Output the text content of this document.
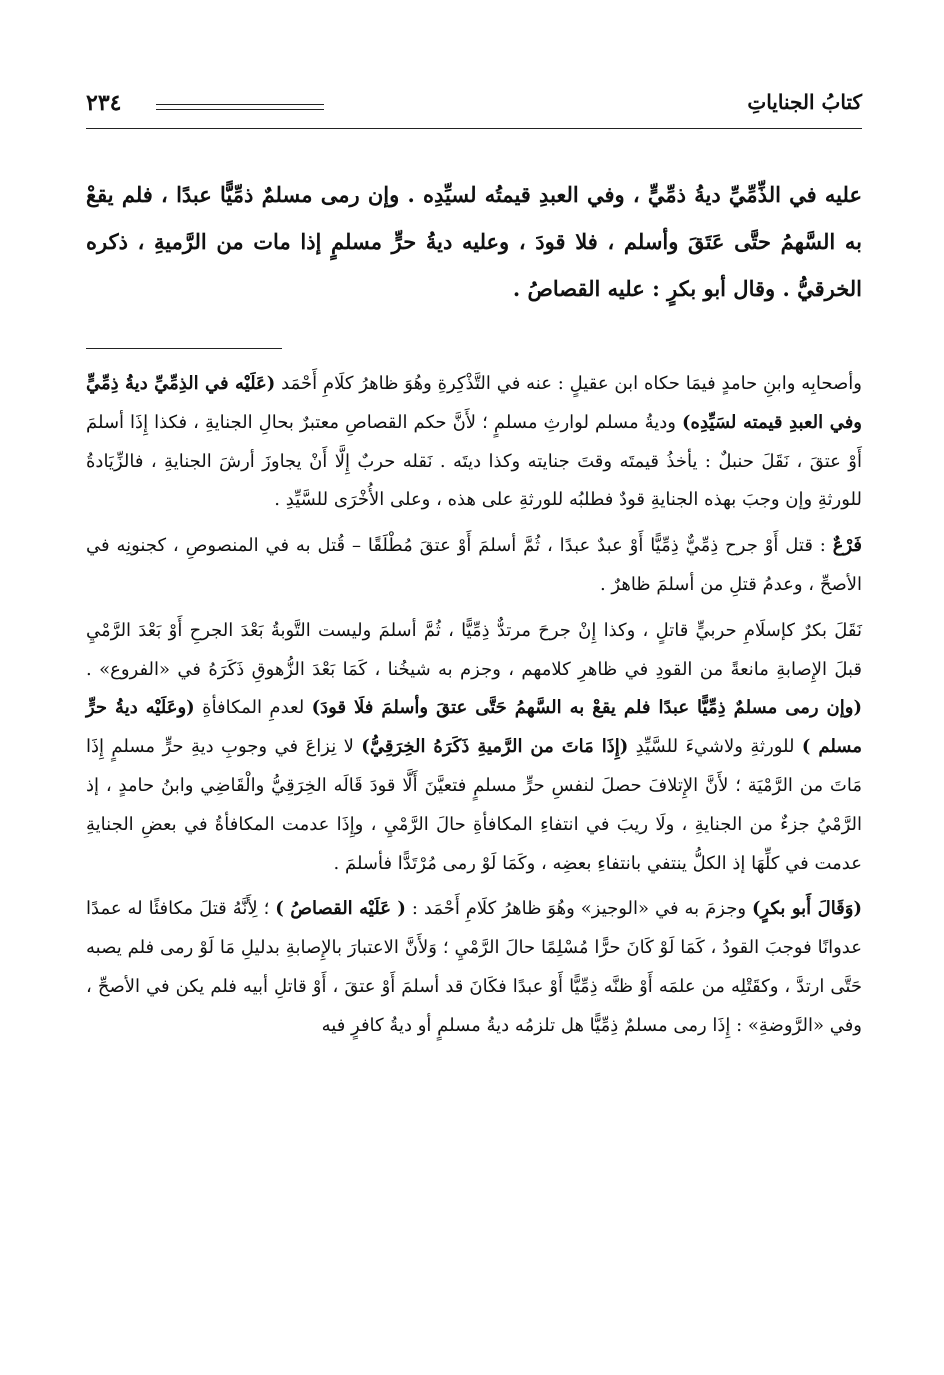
كتابُ الجناياتِ
٢٣٤
عليه في الذِّمِّيِّ ديةُ ذمِّيٍّ ، وفي العبدِ قيمتُه لسيِّدِه . وإن رمى مسلمٌ ذمِّيًّا عبدًا ، فلم يقعْ به السَّهمُ حتَّى عَتَقَ وأسلم ، فلا قودَ ، وعليه ديةُ حرٍّ مسلمٍ إذا مات من الرَّميةِ ، ذكره الخرقيُّ . وقال أبو بكرٍ : عليه القصاصُ .

وأصحابِه وابنِ حامدٍ فيمَا حكاه ابن عقيلٍ : عنه في التَّذْكِرةِ وهُوَ ظاهرُ كلَامِ أَحْمَد (عَلَيْه في الذِمِّيِّ ديةُ ذِمِّيٍّ وفي العبدِ قيمته لسَيِّدِه) وديةُ مسلم لوارثِ مسلمٍ ؛ لأَنَّ حكم القصاصِ معتبرٌ بحالِ الجنايةِ ، فكذا إِذَا أسلمَ أَوْ عتقَ ، نَقَلَ حنبلٌ : يأخذُ قيمتَه وقتَ جنايته وكذا ديتَه . نَقله حربٌ إِلَّا أَنْ يجاوزَ أرشَ الجنايةِ ، فالزِّيَادةُ للورثةِ وإن وجبَ بهذه الجنايةِ قودٌ فطلبُه للورثةِ على هذه ، وعلى الأُخْرَى للسَّيِّدِ .

فَرْعٌ : قتل أَوْ جرح ذِمِّيٌّ ذِمِّيًّا أَوْ عبدٌ عبدًا ، ثُمَّ أسلمَ أَوْ عتقَ مُطْلَقًا – قُتل به في المنصوصِ ، كجنونِه في الأصحِّ ، وعدمُ قتلِ من أسلمَ ظاهرٌ .

نَقَلَ بكرٌ كإسلَامِ حربيٍّ قاتلٍ ، وكذا إِنْ جرحَ مرتدٌّ ذِمِّيًّا ، ثُمَّ أسلمَ وليست التَّوبةُ بَعْدَ الجرحِ أَوْ بَعْدَ الرَّمْيِ قبلَ الإِصابةِ مانعةً من القودِ في ظاهرِ كلامهم ، وجزم به شيخُنا ، كَمَا بَعْدَ الزُّهوقِ ذَكَرَهُ في «الفروع» . (وإن رمى مسلمٌ ذِمِّيًّا عبدًا فلم يقعْ به السَّهمُ حَتَّى عتقَ وأسلمَ فلَا قودَ) لعدمِ المكافأةِ (وعَلَيْه ديةُ حرٍّ مسلم ) للورثةِ ولاشيءَ للسَّيِّدِ (إِذَا مَاتَ من الرَّميةِ ذَكَرَهُ الخِرَقِيُّ) لا نِزاعَ في وجوبِ ديةِ حرٍّ مسلمٍ إِذَا مَاتَ من الرَّمْيَة ؛ لأَنَّ الإِتلافَ حصلَ لنفسِ حرٍّ مسلمٍ فتعيَّنَ أَلَّا قودَ قَالَه الخِرَقِيُّ والْقَاضِي وابنُ حامدٍ ، إذ الرَّمْيُ جزءٌ من الجنايةِ ، ولَا ريبَ في انتفاءِ المكافأةِ حالَ الرَّمْيِ ، وإِذَا عدمت المكافأةُ في بعضِ الجنايةِ عدمت في كلِّهَا إذ الكلُّ ينتفي بانتفاءِ بعضِه ، وكَمَا لَوْ رمى مُرْتَدًّا فأسلمَ .

(وَقَالَ أَبو بكرٍ) وجزمَ به في «الوجيز» وهُوَ ظاهرُ كلَامِ أَحْمَد : ( عَلَيْه القصاصُ ) ؛ لِأَنَّهُ قتلَ مكافئًا له عمدًا عدوانًا فوجبَ القودُ ، كَمَا لَوْ كَانَ حرًّا مُسْلِمًا حالَ الرَّمْيِ ؛ وَلأَنَّ الاعتبارَ بالإِصابةِ بدليلِ مَا لَوْ رمى فلم يصبه حَتَّى ارتدَّ ، وكقَتْلِه من علمَه أَوْ ظنَّه ذِمِّيًّا أَوْ عبدًا فكَانَ قد أسلمَ أَوْ عتقَ ، أَوْ قاتلِ أبيه فلم يكن في الأصحِّ ، وفي «الرَّوضةِ» : إِذَا رمى مسلمٌ ذِمِّيًّا هل تلزمُه ديةُ مسلمٍ أو ديةُ كافرٍ فيه
